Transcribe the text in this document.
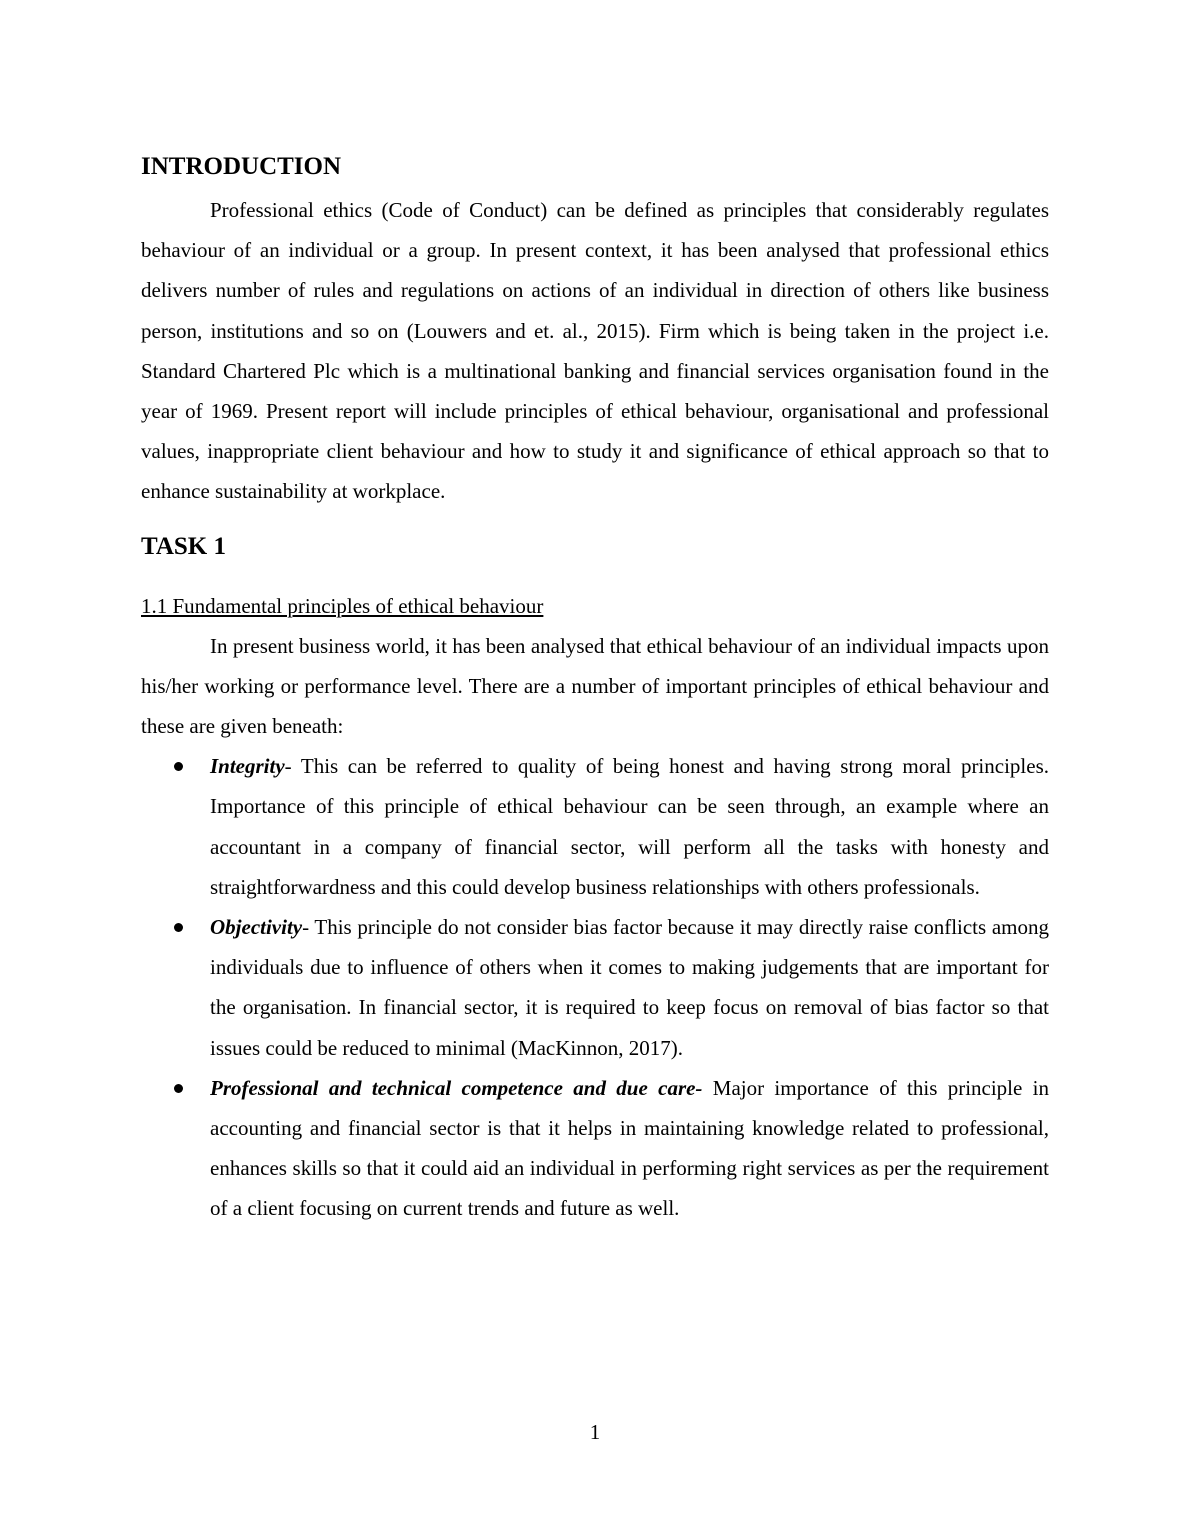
INTRODUCTION

Professional ethics (Code of Conduct) can be defined as principles that considerably regulates behaviour of an individual or a group. In present context, it has been analysed that professional ethics delivers number of rules and regulations on actions of an individual in direction of others like business person, institutions and so on (Louwers and et. al., 2015). Firm which is being taken in the project i.e. Standard Chartered Plc which is a multinational banking and financial services organisation found in the year of 1969. Present report will include principles of ethical behaviour, organisational and professional values, inappropriate client behaviour and how to study it and significance of ethical approach so that to enhance sustainability at workplace.

TASK 1

1.1 Fundamental principles of ethical behaviour

In present business world, it has been analysed that ethical behaviour of an individual impacts upon his/her working or performance level. There are a number of important principles of ethical behaviour and these are given beneath:

Integrity- This can be referred to quality of being honest and having strong moral principles. Importance of this principle of ethical behaviour can be seen through, an example where an accountant in a company of financial sector, will perform all the tasks with honesty and straightforwardness and this could develop business relationships with others professionals.
Objectivity- This principle do not consider bias factor because it may directly raise conflicts among individuals due to influence of others when it comes to making judgements that are important for the organisation. In financial sector, it is required to keep focus on removal of bias factor so that issues could be reduced to minimal (MacKinnon, 2017).
Professional and technical competence and due care- Major importance of this principle in accounting and financial sector is that it helps in maintaining knowledge related to professional, enhances skills so that it could aid an individual in performing right services as per the requirement of a client focusing on current trends and future as well.
1
